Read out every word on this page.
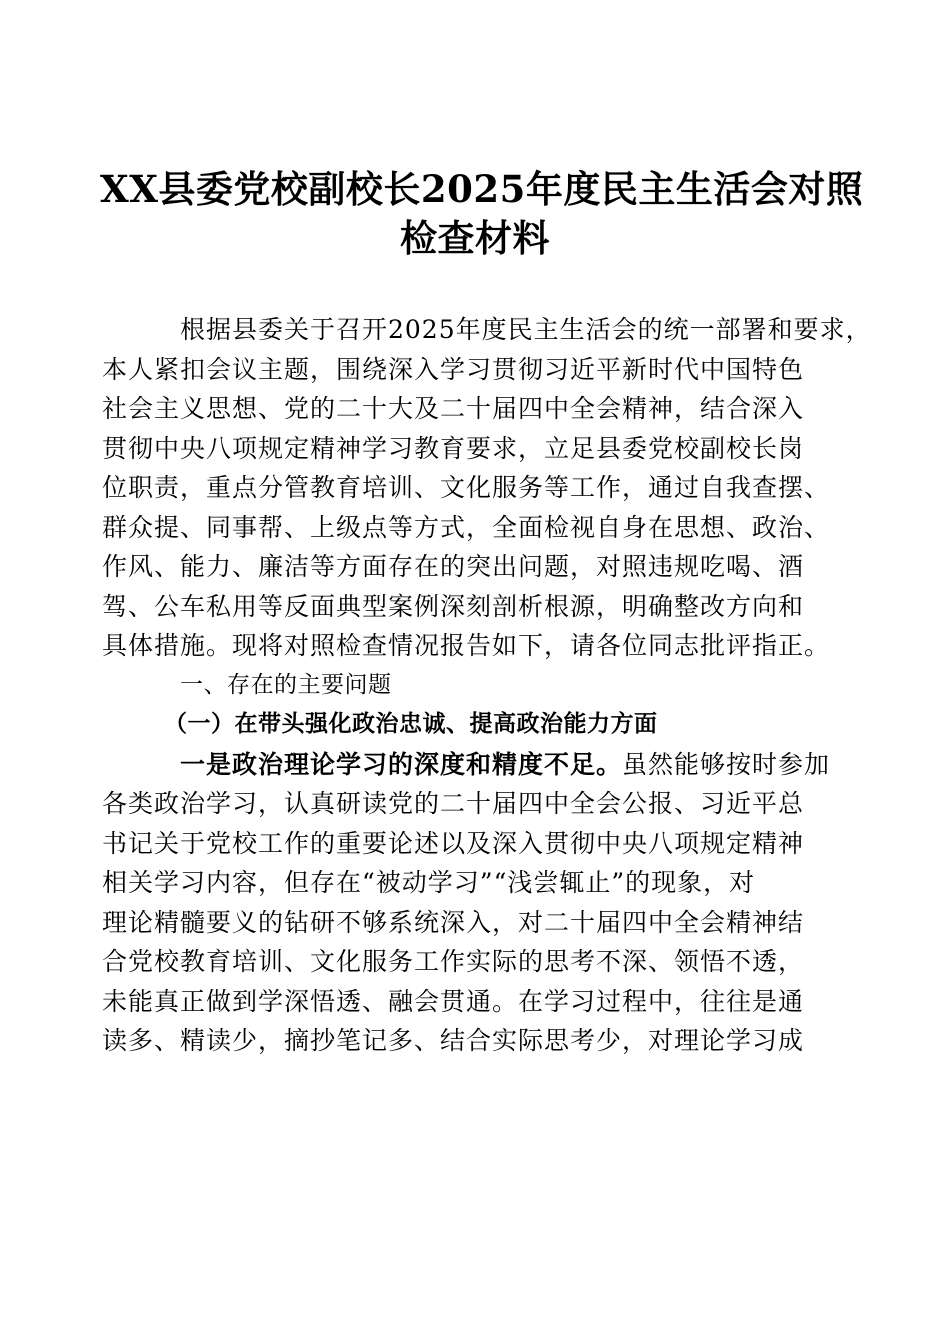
XX县委党校副校长2025年度民主生活会对照
检查材料
根据县委关于召开2025年度民主生活会的统一部署和要求，
本人紧扣会议主题，围绕深入学习贯彻习近平新时代中国特色
社会主义思想、党的二十大及二十届四中全会精神，结合深入
贯彻中央八项规定精神学习教育要求，立足县委党校副校长岗
位职责，重点分管教育培训、文化服务等工作，通过自我查摆、
群众提、同事帮、上级点等方式，全面检视自身在思想、政治、
作风、能力、廉洁等方面存在的突出问题，对照违规吃喝、酒
驾、公车私用等反面典型案例深刻剖析根源，明确整改方向和
具体措施。现将对照检查情况报告如下，请各位同志批评指正。
一、存在的主要问题
（一）在带头强化政治忠诚、提高政治能力方面
一是政治理论学习的深度和精度不足。虽然能够按时参加
各类政治学习，认真研读党的二十届四中全会公报、习近平总
书记关于党校工作的重要论述以及深入贯彻中央八项规定精神
相关学习内容，但存在“被动学习”“浅尝辄止”的现象，对
理论精髓要义的钻研不够系统深入，对二十届四中全会精神结
合党校教育培训、文化服务工作实际的思考不深、领悟不透，
未能真正做到学深悟透、融会贯通。在学习过程中，往往是通
读多、精读少，摘抄笔记多、结合实际思考少，对理论学习成
